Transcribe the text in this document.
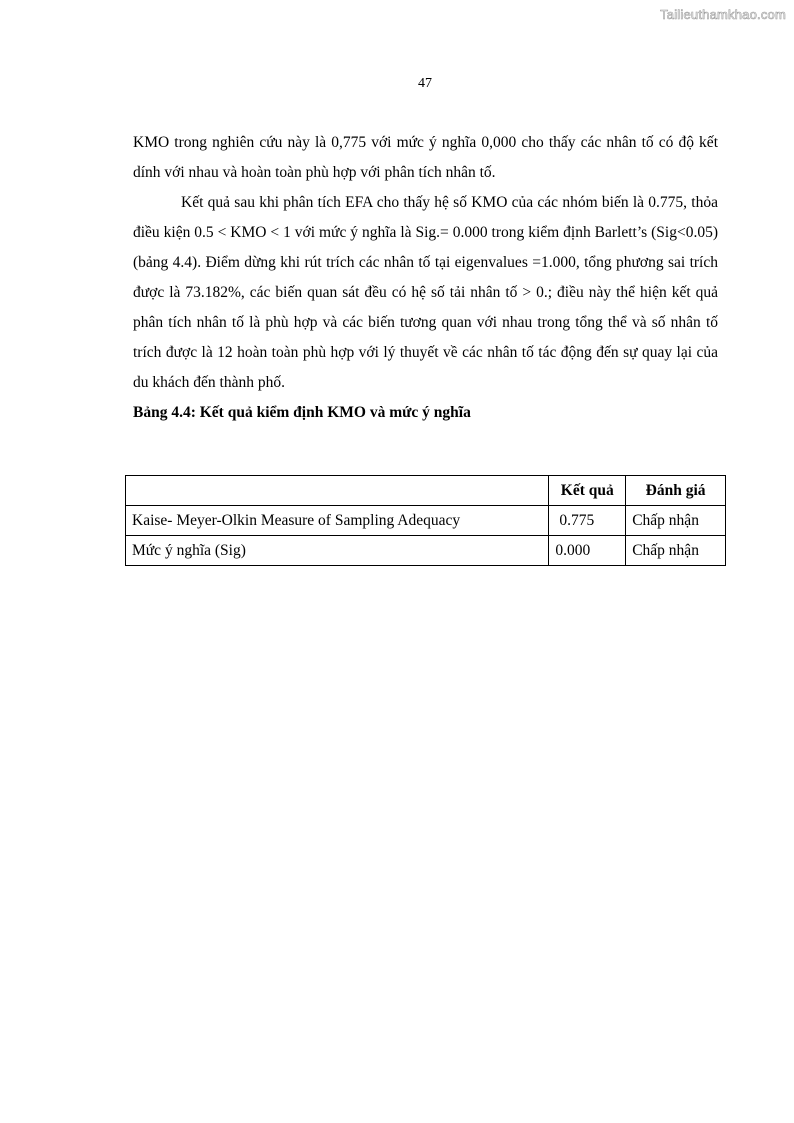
Tailieuthamkhao.com
47

KMO trong nghiên cứu này là 0,775 với mức ý nghĩa 0,000 cho thấy các nhân tố có độ kết dính với nhau và hoàn toàn phù hợp với phân tích nhân tố.

Kết quả sau khi phân tích EFA cho thấy hệ số KMO của các nhóm biến là 0.775, thỏa điều kiện 0.5 < KMO < 1 với mức ý nghĩa là Sig.= 0.000 trong kiểm định Barlett’s (Sig<0.05) (bảng 4.4). Điểm dừng khi rút trích các nhân tố tại eigenvalues =1.000, tổng phương sai trích được là 73.182%, các biến quan sát đều có hệ số tải nhân tố > 0.; điều này thể hiện kết quả phân tích nhân tố là phù hợp và các biến tương quan với nhau trong tổng thể và số nhân tố trích được là 12 hoàn toàn phù hợp với lý thuyết về các nhân tố tác động đến sự quay lại của du khách đến thành phố.

Bảng 4.4: Kết quả kiểm định KMO và mức ý nghĩa

	Kết quả	Đánh giá
Kaise- Meyer-Olkin Measure of Sampling Adequacy	0.775	Chấp nhận
Mức ý nghĩa (Sig)	0.000	Chấp nhận
